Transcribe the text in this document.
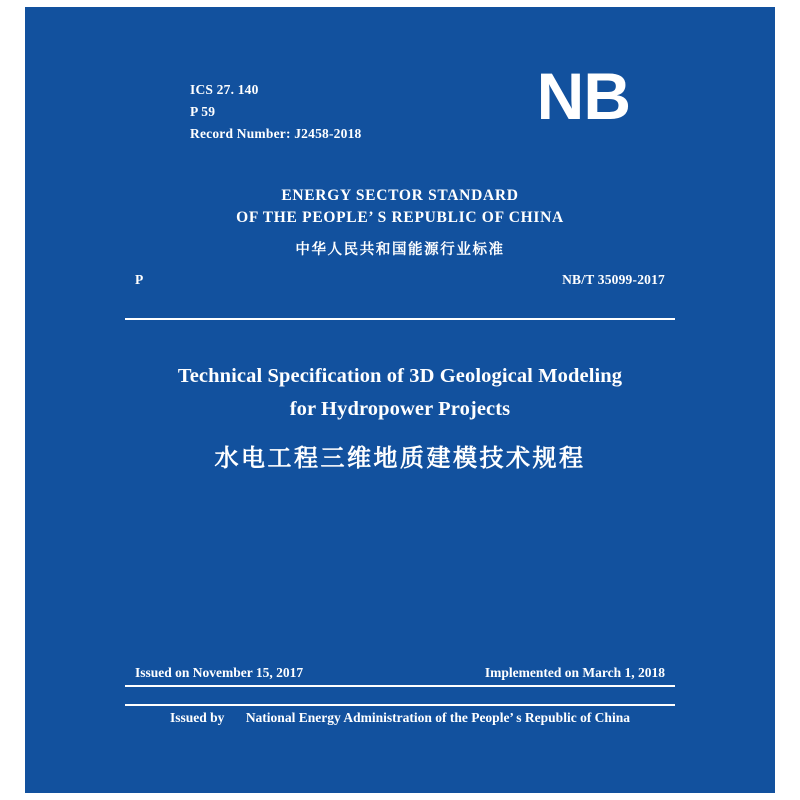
ICS 27. 140
P 59
Record Number: J2458-2018
NB
ENERGY SECTOR STANDARD
OF THE PEOPLE’ S REPUBLIC OF CHINA
中华人民共和国能源行业标准
P	NB/T 35099-2017
Technical Specification of 3D Geological Modeling
for Hydropower Projects
水电工程三维地质建模技术规程
Issued on November 15, 2017	Implemented on March 1, 2018
Issued by National Energy Administration of the People’ s Republic of China
